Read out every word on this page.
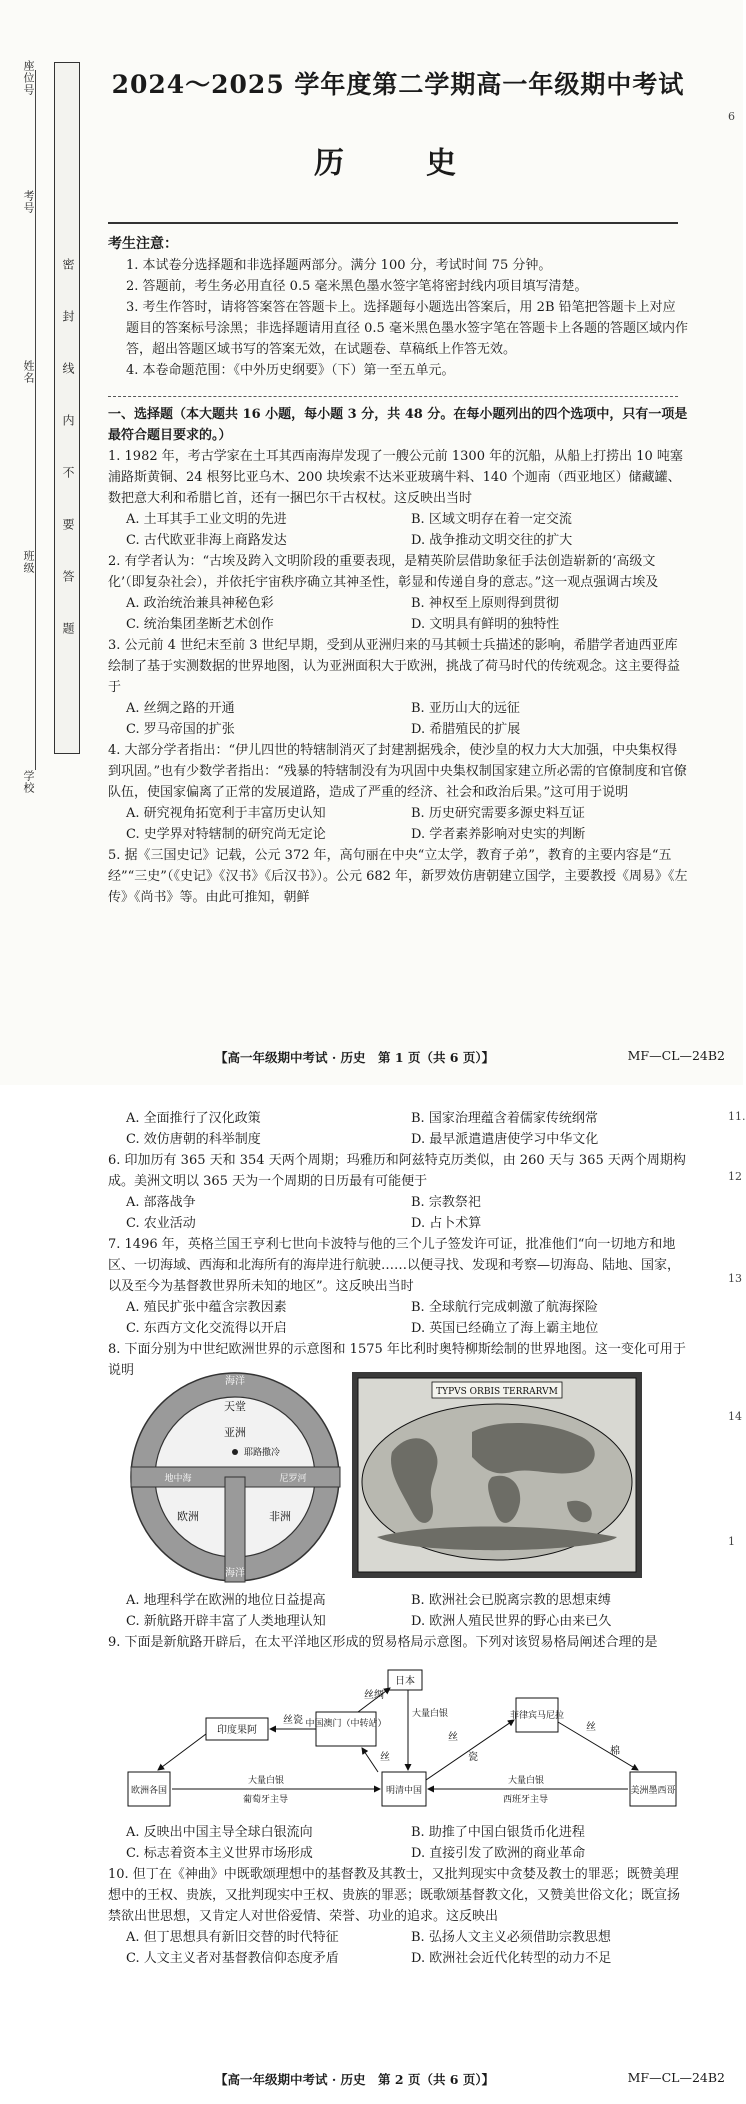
座位号
考号
姓名
班级
学校
密　封　线　内　不　要　答　题
2024～2025 学年度第二学期高一年级期中考试
历　史

考生注意：

1. 本试卷分选择题和非选择题两部分。满分 100 分，考试时间 75 分钟。

2. 答题前，考生务必用直径 0.5 毫米黑色墨水签字笔将密封线内项目填写清楚。

3. 考生作答时，请将答案答在答题卡上。选择题每小题选出答案后，用 2B 铅笔把答题卡上对应题目的答案标号涂黑；非选择题请用直径 0.5 毫米黑色墨水签字笔在答题卡上各题的答题区域内作答，超出答题区域书写的答案无效，在试题卷、草稿纸上作答无效。

4. 本卷命题范围：《中外历史纲要》（下）第一至五单元。

一、选择题（本大题共 16 小题，每小题 3 分，共 48 分。在每小题列出的四个选项中，只有一项是最符合题目要求的。）

1. 1982 年，考古学家在土耳其西南海岸发现了一艘公元前 1300 年的沉船，从船上打捞出 10 吨塞浦路斯黄铜、24 根努比亚乌木、200 块埃索不达米亚玻璃牛料、140 个迦南（西亚地区）储藏罐、数把意大利和希腊匕首，还有一捆巴尔干古权杖。这反映出当时

A. 土耳其手工业文明的先进	B. 区域文明存在着一定交流
C. 古代欧亚非海上商路发达	D. 战争推动文明交往的扩大

2. 有学者认为：“古埃及跨入文明阶段的重要表现，是精英阶层借助象征手法创造崭新的‘高级文化’（即复杂社会），并依托宇宙秩序确立其神圣性，彰显和传递自身的意志。”这一观点强调古埃及

A. 政治统治兼具神秘色彩	B. 神权至上原则得到贯彻
C. 统治集团垄断艺术创作	D. 文明具有鲜明的独特性

3. 公元前 4 世纪末至前 3 世纪早期，受到从亚洲归来的马其顿士兵描述的影响，希腊学者迪西亚库绘制了基于实测数据的世界地图，认为亚洲面积大于欧洲，挑战了荷马时代的传统观念。这主要得益于

A. 丝绸之路的开通	B. 亚历山大的远征
C. 罗马帝国的扩张	D. 希腊殖民的扩展

4. 大部分学者指出：“伊儿四世的特辖制消灭了封建割据残余，使沙皇的权力大大加强，中央集权得到巩固。”也有少数学者指出：“残暴的特辖制没有为巩固中央集权制国家建立所必需的官僚制度和官僚队伍，使国家偏离了正常的发展道路，造成了严重的经济、社会和政治后果。”这可用于说明

A. 研究视角拓宽利于丰富历史认知	B. 历史研究需要多源史料互证
C. 史学界对特辖制的研究尚无定论	D. 学者素养影响对史实的判断

5. 据《三国史记》记载，公元 372 年，高句丽在中央“立太学，教育子弟”，教育的主要内容是“五经”“三史”（《史记》《汉书》《后汉书》）。公元 682 年，新罗效仿唐朝建立国学，主要教授《周易》《左传》《尚书》等。由此可推知，朝鲜

【高一年级期中考试 · 历史　第 1 页（共 6 页）】	MF—CL—24B2
6
A. 全面推行了汉化政策	B. 国家治理蕴含着儒家传统纲常
C. 效仿唐朝的科举制度	D. 最早派遣遣唐使学习中华文化

6. 印加历有 365 天和 354 天两个周期；玛雅历和阿兹特克历类似，由 260 天与 365 天两个周期构成。美洲文明以 365 天为一个周期的日历最有可能便于

A. 部落战争	B. 宗教祭祀
C. 农业活动	D. 占卜术算

7. 1496 年，英格兰国王亨利七世向卡波特与他的三个儿子签发许可证，批准他们“向一切地方和地区、一切海域、西海和北海所有的海岸进行航驶……以便寻找、发现和考察—切海岛、陆地、国家，以及至今为基督教世界所未知的地区”。这反映出当时

A. 殖民扩张中蕴含宗教因素	B. 全球航行完成刺激了航海探险
C. 东西方文化交流得以开启	D. 英国已经确立了海上霸主地位

8. 下面分别为中世纪欧洲世界的示意图和 1575 年比利时奥特柳斯绘制的世界地图。这一变化可用于说明

海洋
天堂
亚洲
耶路撒冷
地中海	尼罗河
欧洲	非洲
海洋
TYPVS ORBIS TERRARVM
A. 地理科学在欧洲的地位日益提高	B. 欧洲社会已脱离宗教的思想束缚
C. 新航路开辟丰富了人类地理认知	D. 欧洲人殖民世界的野心由来已久

9. 下面是新航路开辟后，在太平洋地区形成的贸易格局示意图。下列对该贸易格局阐述合理的是

日本
印度果阿
中国澳门（中转站）
明清中国
菲律宾马尼拉
欧洲各国	美洲墨西哥
丝绸
大量白银
丝
丝瓷
丝
瓷
丝
棉
大量白银
葡萄牙主导
大量白银
西班牙主导
A. 反映出中国主导全球白银流向	B. 助推了中国白银货币化进程
C. 标志着资本主义世界市场形成	D. 直接引发了欧洲的商业革命

10. 但丁在《神曲》中既歌颂理想中的基督教及其教士，又批判现实中贪婪及教士的罪恶；既赞美理想中的王权、贵族，又批判现实中王权、贵族的罪恶；既歌颂基督教文化，又赞美世俗文化；既宣扬禁欲出世思想，又肯定人对世俗爱情、荣誉、功业的追求。这反映出

A. 但丁思想具有新旧交替的时代特征	B. 弘扬人文主义必须借助宗教思想
C. 人文主义者对基督教信仰态度矛盾	D. 欧洲社会近代化转型的动力不足
【高一年级期中考试 · 历史　第 2 页（共 6 页）】	MF—CL—24B2
11.
12
13
14
1
